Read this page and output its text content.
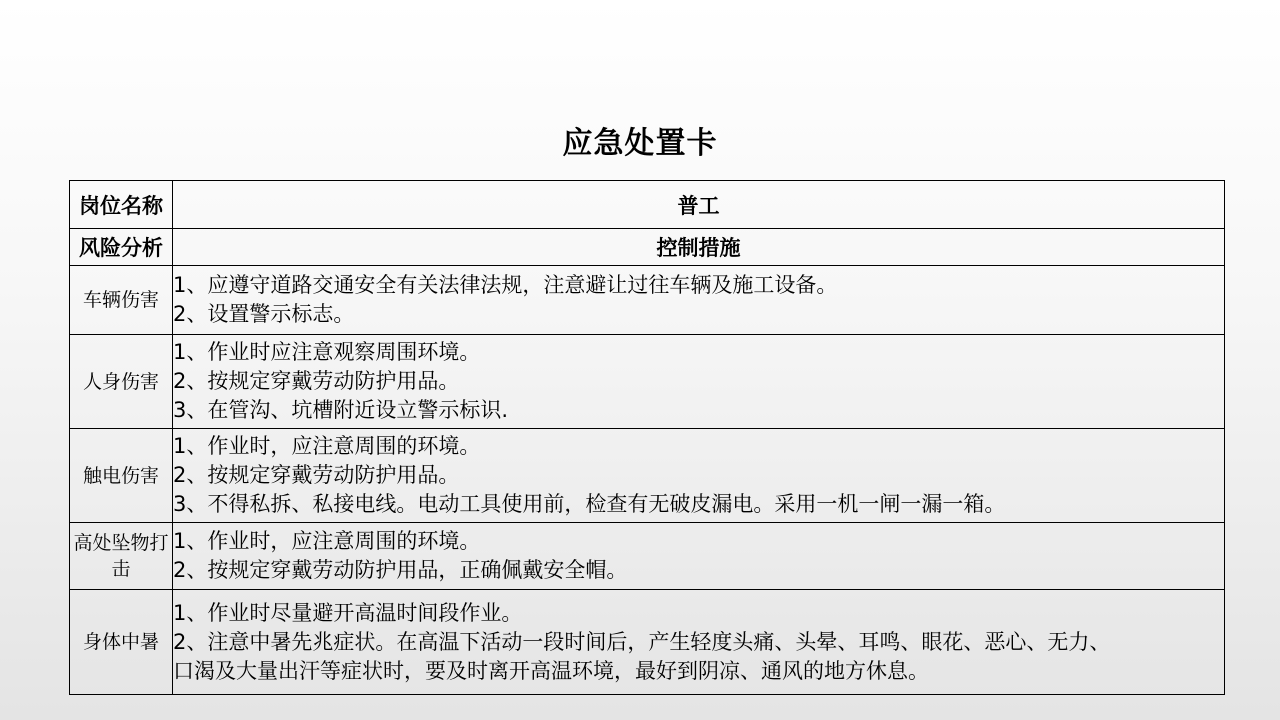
应急处置卡
岗位名称	普工
风险分析	控制措施
车辆伤害	1、应遵守道路交通安全有关法律法规，注意避让过往车辆及施工设备。
2、设置警示标志。

人身伤害	1、作业时应注意观察周围环境。
2、按规定穿戴劳动防护用品。
3、在管沟、坑槽附近设立警示标识.

触电伤害	1、作业时，应注意周围的环境。
2、按规定穿戴劳动防护用品。
3、不得私拆、私接电线。电动工具使用前，检查有无破皮漏电。采用一机一闸一漏一箱。

高处坠物打击	1、作业时，应注意周围的环境。
2、按规定穿戴劳动防护用品，正确佩戴安全帽。

身体中暑	1、作业时尽量避开高温时间段作业。
2、注意中暑先兆症状。在高温下活动一段时间后，产生轻度头痛、头晕、耳鸣、眼花、恶心、无力、
口渴及大量出汗等症状时，要及时离开高温环境，最好到阴凉、通风的地方休息。
